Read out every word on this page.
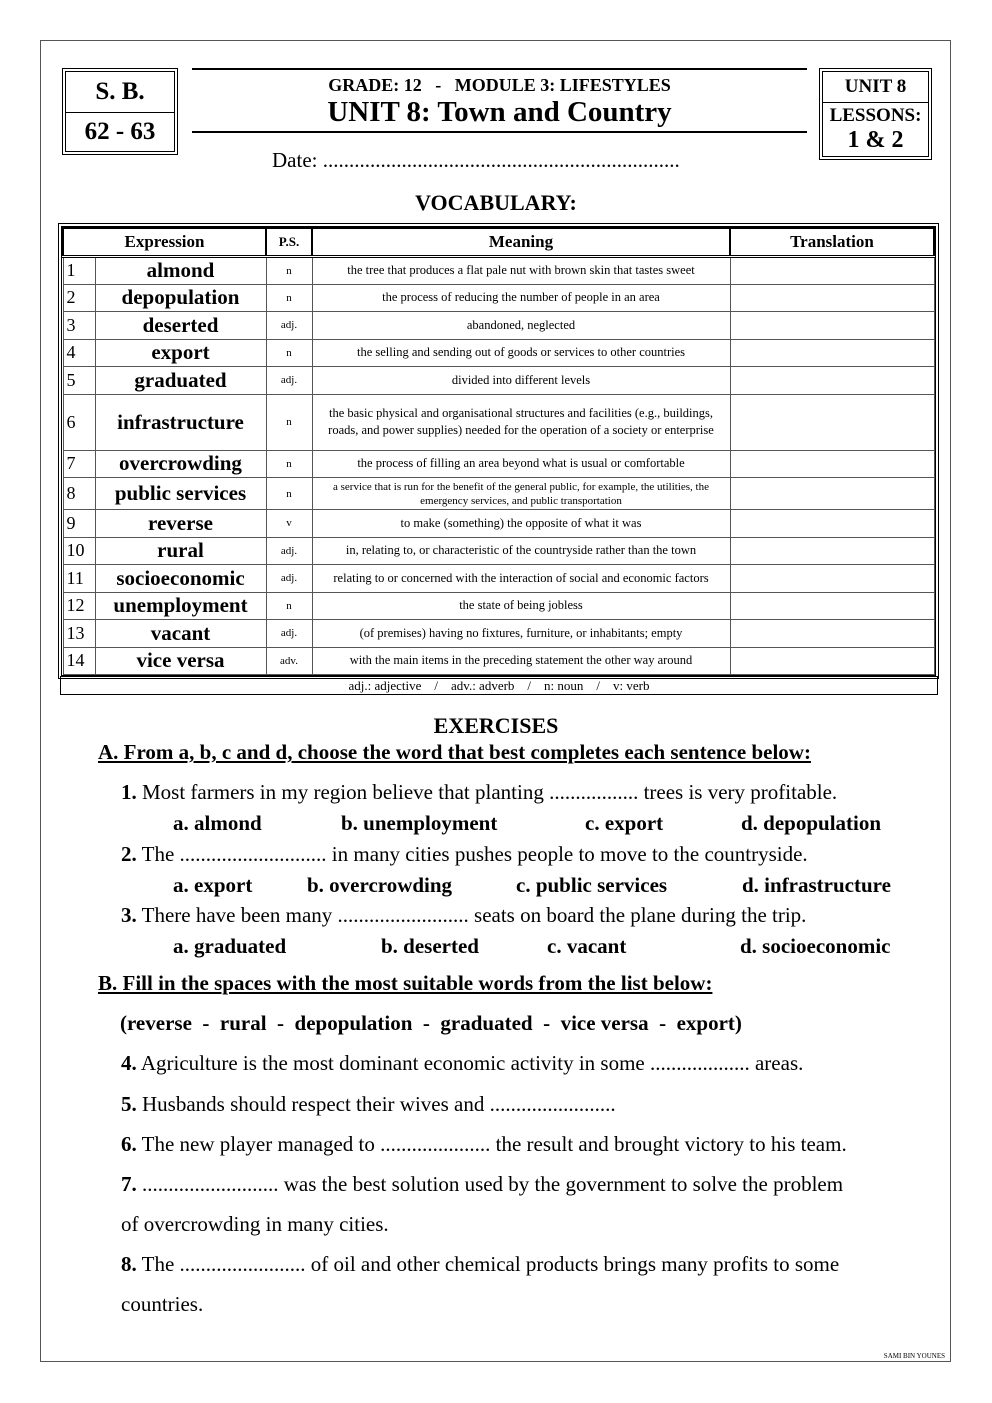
S. B.
62 - 63
GRADE: 12   -   MODULE 3: LIFESTYLES
UNIT 8: Town and Country
UNIT 8
LESSONS:
1 & 2
Date: ....................................................................
VOCABULARY:
Expression		P.S.	Meaning	Translation
1	almond	n	the tree that produces a flat pale nut with brown skin that tastes sweet	
2	depopulation	n	the process of reducing the number of people in an area	
3	deserted	adj.	abandoned, neglected	
4	export	n	the selling and sending out of goods or services to other countries	
5	graduated	adj.	divided into different levels	
6	infrastructure	n	the basic physical and organisational structures and facilities (e.g., buildings, roads, and power supplies) needed for the operation of a society or enterprise	
7	overcrowding	n	the process of filling an area beyond what is usual or comfortable	
8	public services	n	a service that is run for the benefit of the general public, for example, the utilities, the emergency services, and public transportation	
9	reverse	v	to make (something) the opposite of what it was	
10	rural	adj.	in, relating to, or characteristic of the countryside rather than the town	
11	socioeconomic	adj.	relating to or concerned with the interaction of social and economic factors	
12	unemployment	n	the state of being jobless	
13	vacant	adj.	(of premises) having no fixtures, furniture, or inhabitants; empty	
14	vice versa	adv.	with the main items in the preceding statement the other way around	
adj.: adjective    /    adv.: adverb    /    n: noun    /    v: verb
EXERCISES
A. From a, b, c and d, choose the word that best completes each sentence below:
1. Most farmers in my region believe that planting ................. trees is very profitable.
a. almond	b. unemployment	c. export	d. depopulation
2. The ............................ in many cities pushes people to move to the countryside.
a. export	b. overcrowding	c. public services	d. infrastructure
3. There have been many ......................... seats on board the plane during the trip.
a. graduated	b. deserted	c. vacant	d. socioeconomic
B. Fill in the spaces with the most suitable words from the list below:
(reverse  -  rural  -  depopulation  -  graduated  -  vice versa  -  export)
4. Agriculture is the most dominant economic activity in some ................... areas.
5. Husbands should respect their wives and ........................
6. The new player managed to ..................... the result and brought victory to his team.
7. .......................... was the best solution used by the government to solve the problem
of overcrowding in many cities.
8. The ........................ of oil and other chemical products brings many profits to some
countries.
SAMI BIN YOUNES
